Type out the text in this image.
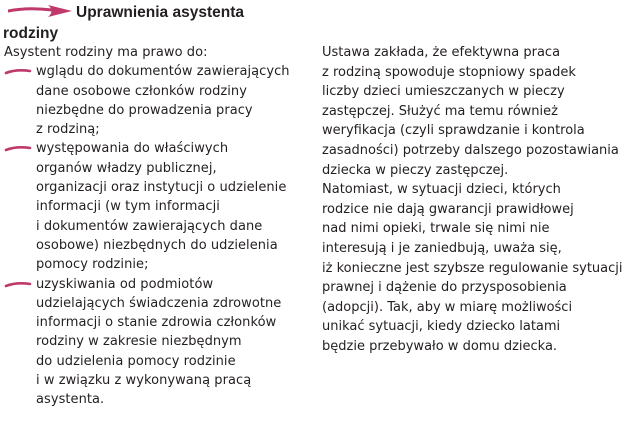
Uprawnienia asystenta
rodziny

Asystent rodziny ma prawo do:

wglądu do dokumentów zawierających
dane osobowe członków rodziny
niezbędne do prowadzenia pracy
z rodziną;
występowania do właściwych
organów władzy publicznej,
organizacji oraz instytucji o udzielenie
informacji (w tym informacji
i dokumentów zawierających dane
osobowe) niezbędnych do udzielenia
pomocy rodzinie;
uzyskiwania od podmiotów
udzielających świadczenia zdrowotne
informacji o stanie zdrowia członków
rodziny w zakresie niezbędnym
do udzielenia pomocy rodzinie
i w związku z wykonywaną pracą
asystenta.

Ustawa zakłada, że efektywna praca
z rodziną spowoduje stopniowy spadek
liczby dzieci umieszczanych w pieczy
zastępczej. Służyć ma temu również
weryfikacja (czyli sprawdzanie i kontrola
zasadności) potrzeby dalszego pozostawiania
dziecka w pieczy zastępczej.

Natomiast, w sytuacji dzieci, których
rodzice nie dają gwarancji prawidłowej
nad nimi opieki, trwale się nimi nie
interesują i je zaniedbują, uważa się,
iż konieczne jest szybsze regulowanie sytuacji
prawnej i dążenie do przysposobienia
(adopcji). Tak, aby w miarę możliwości
unikać sytuacji, kiedy dziecko latami
będzie przebywało w domu dziecka.
